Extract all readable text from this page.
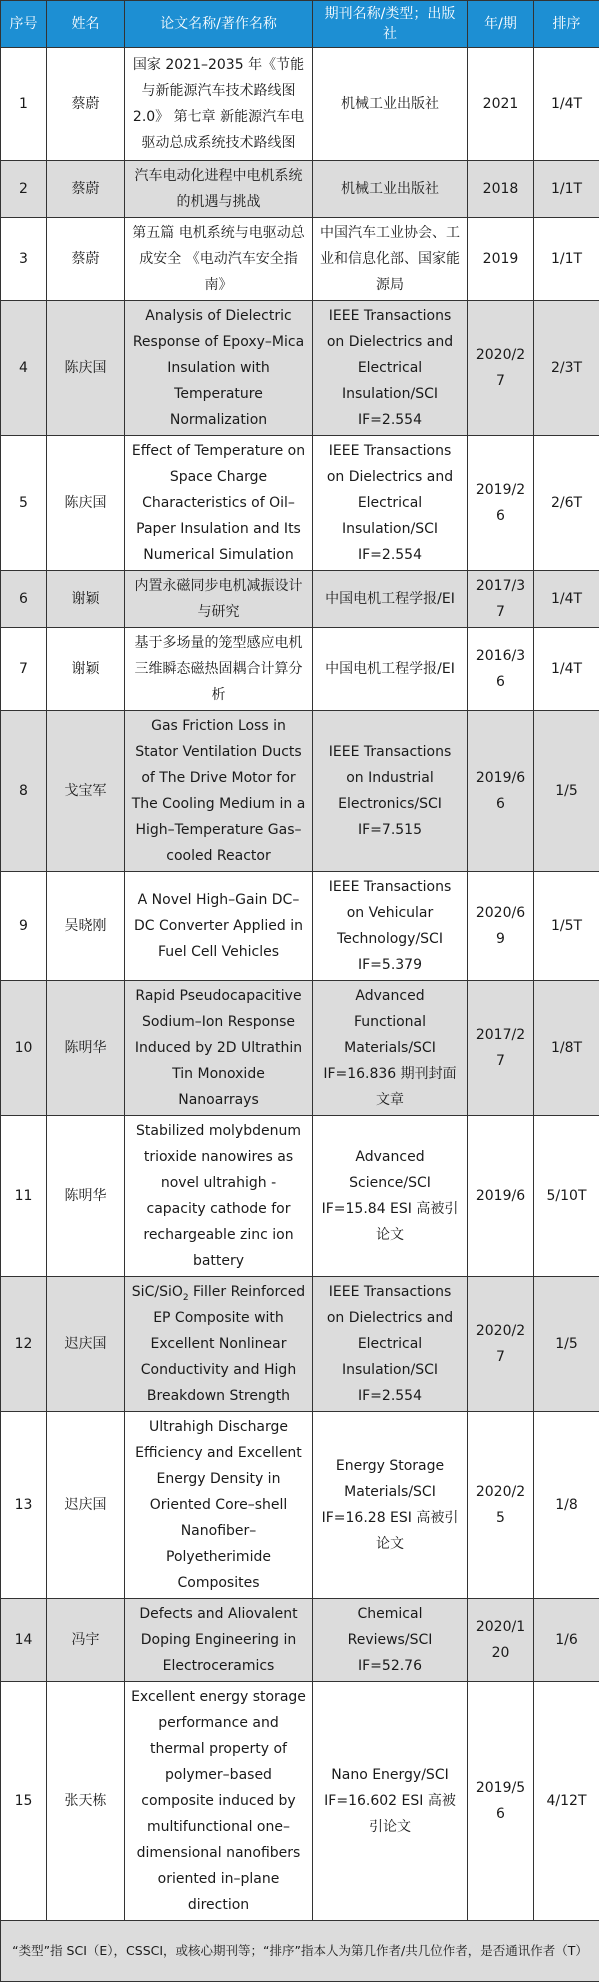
序号	姓名	论文名称/著作名称	期刊名称/类型；出版社	年/期	排序
1	蔡蔚	国家 2021–2035 年《节能与新能源汽车技术路线图 2.0》 第七章 新能源汽车电驱动总成系统技术路线图	机械工业出版社	2021	1/4T
2	蔡蔚	汽车电动化进程中电机系统的机遇与挑战	机械工业出版社	2018	1/1T
3	蔡蔚	第五篇 电机系统与电驱动总成安全 《电动汽车安全指南》	中国汽车工业协会、工业和信息化部、国家能源局	2019	1/1T
4	陈庆国	Analysis of Dielectric Response of Epoxy–Mica Insulation with Temperature Normalization	IEEE Transactions on Dielectrics and Electrical Insulation/SCI IF=2.554	2020/27	2/3T
5	陈庆国	Effect of Temperature on Space Charge Characteristics of Oil–Paper Insulation and Its Numerical Simulation	IEEE Transactions on Dielectrics and Electrical Insulation/SCI IF=2.554	2019/26	2/6T
6	谢颖	内置永磁同步电机减振设计与研究	中国电机工程学报/EI	2017/37	1/4T
7	谢颖	基于多场量的笼型感应电机三维瞬态磁热固耦合计算分析	中国电机工程学报/EI	2016/36	1/4T
8	戈宝军	Gas Friction Loss in Stator Ventilation Ducts of The Drive Motor for The Cooling Medium in a High–Temperature Gas–cooled Reactor	IEEE Transactions on Industrial Electronics/SCI IF=7.515	2019/66	1/5
9	吴晓刚	A Novel High–Gain DC–DC Converter Applied in Fuel Cell Vehicles	IEEE Transactions on Vehicular Technology/SCI IF=5.379	2020/69	1/5T
10	陈明华	Rapid Pseudocapacitive Sodium–Ion Response Induced by 2D Ultrathin Tin Monoxide Nanoarrays	Advanced Functional Materials/SCI IF=16.836 期刊封面文章	2017/27	1/8T
11	陈明华	Stabilized molybdenum trioxide nanowires as novel ultrahigh - capacity cathode for rechargeable zinc ion battery	Advanced Science/SCI IF=15.84 ESI 高被引论文	2019/6	5/10T
12	迟庆国	SiC/SiO$_2$ Filler Reinforced EP Composite with Excellent Nonlinear Conductivity and High Breakdown Strength	IEEE Transactions on Dielectrics and Electrical Insulation/SCI IF=2.554	2020/27	1/5
13	迟庆国	Ultrahigh Discharge Efficiency and Excellent Energy Density in Oriented Core–shell Nanofiber–Polyetherimide Composites	Energy Storage Materials/SCI IF=16.28 ESI 高被引论文	2020/25	1/8
14	冯宇	Defects and Aliovalent Doping Engineering in Electroceramics	Chemical Reviews/SCI IF=52.76	2020/120	1/6
15	张天栋	Excellent energy storage performance and thermal property of polymer–based composite induced by multifunctional one–dimensional nanofibers oriented in–plane direction	Nano Energy/SCI IF=16.602 ESI 高被引论文	2019/56	4/12T
“类型”指 SCI（E），CSSCI，或核心期刊等；“排序”指本人为第几作者/共几位作者，是否通讯作者（T）					
